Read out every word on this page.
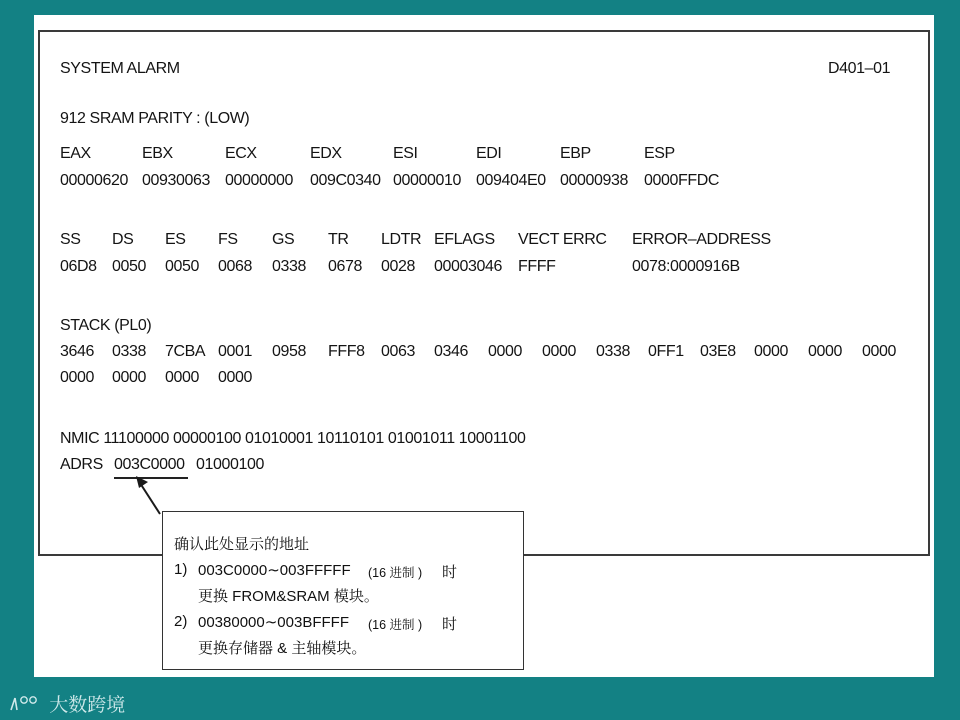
SYSTEM ALARM	D401–01
912 SRAM PARITY : (LOW)
EAX	EBX	ECX	EDX	ESI	EDI	EBP	ESP
00000620 00930063 00000000 009C0340 00000010 009404E0 00000938 0000FFDC
SS DS ES FS GS TR LDTR EFLAGS VECT ERRC ERROR–ADDRESS
06D8 0050 0050 0068 0338 0678 0028 00003046 FFFF	0078:0000916B
STACK (PL0)
3646 0338 7CBA 0001 0958 FFF8 0063 0346 0000 0000 0338 0FF1 03E8 0000 0000 0000
0000 0000 0000 0000
NMIC 11100000 00000100 01010001 10110101 01001011 10001100
ADRS 003C0000 01000100
确认此处显示的地址
1) 003C0000∼003FFFFF (16 进制 ) 时
更换 FROM&SRAM 模块。
2) 00380000∼003BFFFF (16 进制 ) 时
更换存储器 & 主轴模块。
大数跨境
